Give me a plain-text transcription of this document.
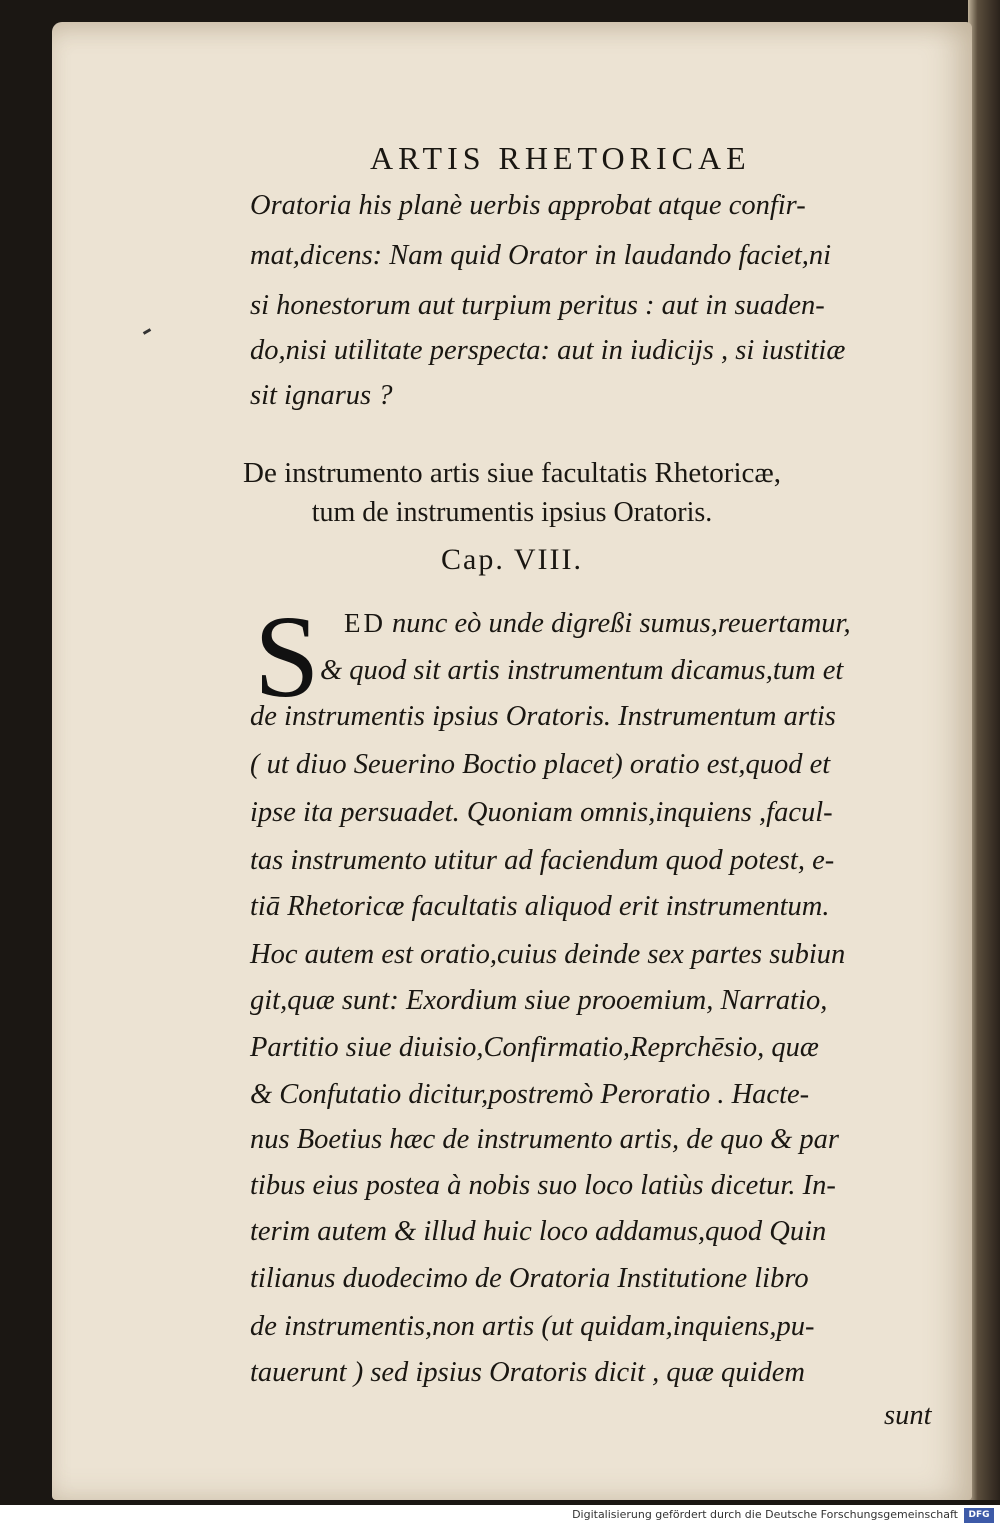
ARTIS RHETORICAE
Oratoria his planè uerbis approbat atque confir-
mat,dicens: Nam quid Orator in laudando faciet,ni
si honestorum aut turpium peritus : aut in suaden-
do,nisi utilitate perspecta: aut in iudicijs , si iustitiæ
sit ignarus ?
De instrumento artis siue facultatis Rhetoricæ,
tum de instrumentis ipsius Oratoris.
Cap. VIII.
S ED nunc eò unde digreßi sumus,reuertamur,
& quod sit artis instrumentum dicamus,tum et
de instrumentis ipsius Oratoris. Instrumentum artis
( ut diuo Seuerino Boctio placet) oratio est,quod et
ipse ita persuadet. Quoniam omnis,inquiens ,facul-
tas instrumento utitur ad faciendum quod potest, e-
tiā Rhetoricæ facultatis aliquod erit instrumentum.
Hoc autem est oratio,cuius deinde sex partes subiun
git,quæ sunt: Exordium siue prooemium, Narratio,
Partitio siue diuisio,Confirmatio,Reprchēsio, quæ
& Confutatio dicitur,postremò Peroratio . Hacte-
nus Boetius hæc de instrumento artis, de quo & par
tibus eius postea à nobis suo loco latiùs dicetur. In-
terim autem & illud huic loco addamus,quod Quin
tilianus duodecimo de Oratoria Institutione libro
de instrumentis,non artis (ut quidam,inquiens,pu-
tauerunt ) sed ipsius Oratoris dicit , quæ quidem
sunt
Digitalisierung gefördert durch die Deutsche Forschungsgemeinschaft	DFG
